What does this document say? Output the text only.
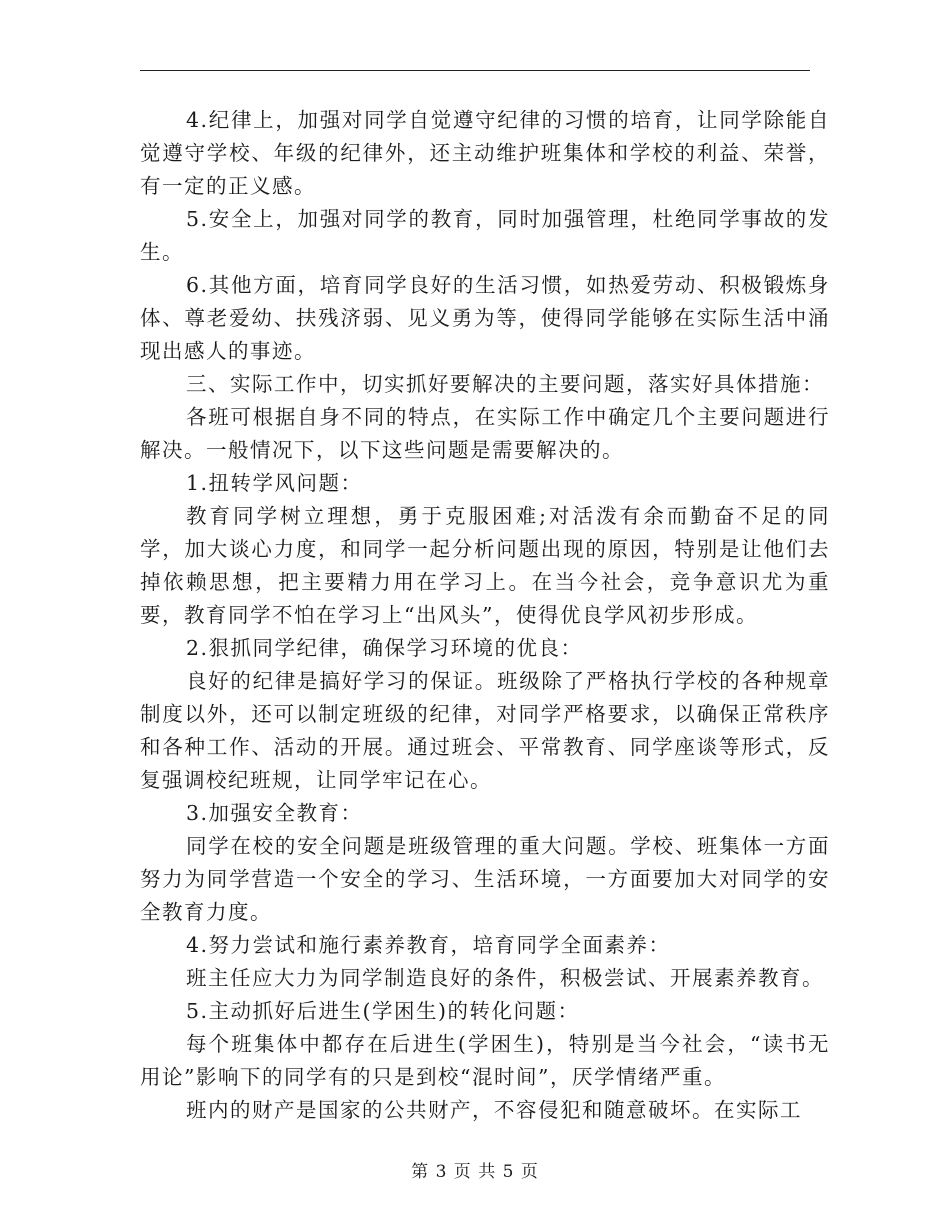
4.纪律上，加强对同学自觉遵守纪律的习惯的培育，让同学除能自觉遵守学校、年级的纪律外，还主动维护班集体和学校的利益、荣誉，有一定的正义感。

5.安全上，加强对同学的教育，同时加强管理，杜绝同学事故的发生。

6.其他方面，培育同学良好的生活习惯，如热爱劳动、积极锻炼身体、尊老爱幼、扶残济弱、见义勇为等，使得同学能够在实际生活中涌现出感人的事迹。

三、实际工作中，切实抓好要解决的主要问题，落实好具体措施：

各班可根据自身不同的特点，在实际工作中确定几个主要问题进行解决。一般情况下，以下这些问题是需要解决的。

1.扭转学风问题：

教育同学树立理想，勇于克服困难;对活泼有余而勤奋不足的同学，加大谈心力度，和同学一起分析问题出现的原因，特别是让他们去掉依赖思想，把主要精力用在学习上。在当今社会，竞争意识尤为重要，教育同学不怕在学习上“出风头”，使得优良学风初步形成。

2.狠抓同学纪律，确保学习环境的优良：

良好的纪律是搞好学习的保证。班级除了严格执行学校的各种规章制度以外，还可以制定班级的纪律，对同学严格要求，以确保正常秩序和各种工作、活动的开展。通过班会、平常教育、同学座谈等形式，反复强调校纪班规，让同学牢记在心。

3.加强安全教育：

同学在校的安全问题是班级管理的重大问题。学校、班集体一方面努力为同学营造一个安全的学习、生活环境，一方面要加大对同学的安全教育力度。

4.努力尝试和施行素养教育，培育同学全面素养：

班主任应大力为同学制造良好的条件，积极尝试、开展素养教育。

5.主动抓好后进生(学困生)的转化问题：

每个班集体中都存在后进生(学困生)，特别是当今社会，“读书无用论”影响下的同学有的只是到校“混时间”，厌学情绪严重。

班内的财产是国家的公共财产，不容侵犯和随意破坏。在实际工

第 3 页 共 5 页
